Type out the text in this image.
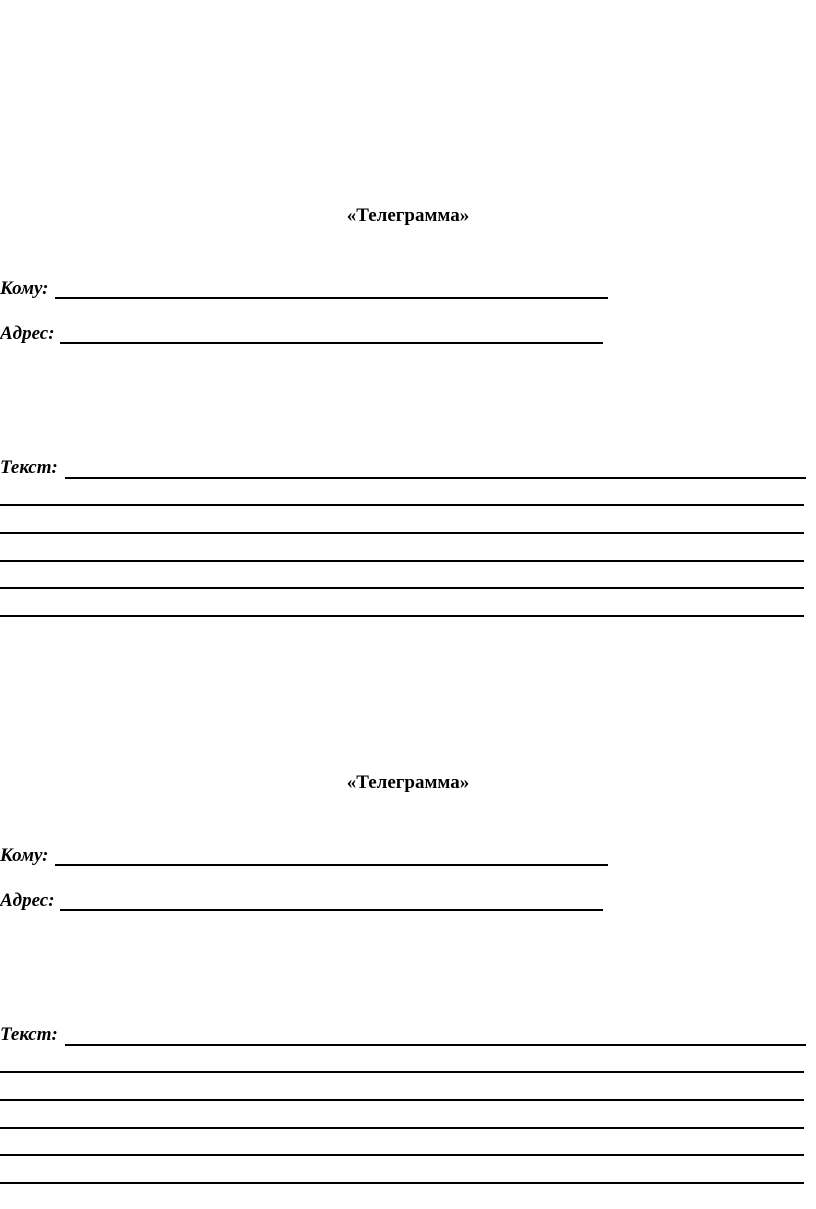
«Телеграмма»
Кому:
Адрес:
Текст:
«Телеграмма»
Кому:
Адрес:
Текст:
